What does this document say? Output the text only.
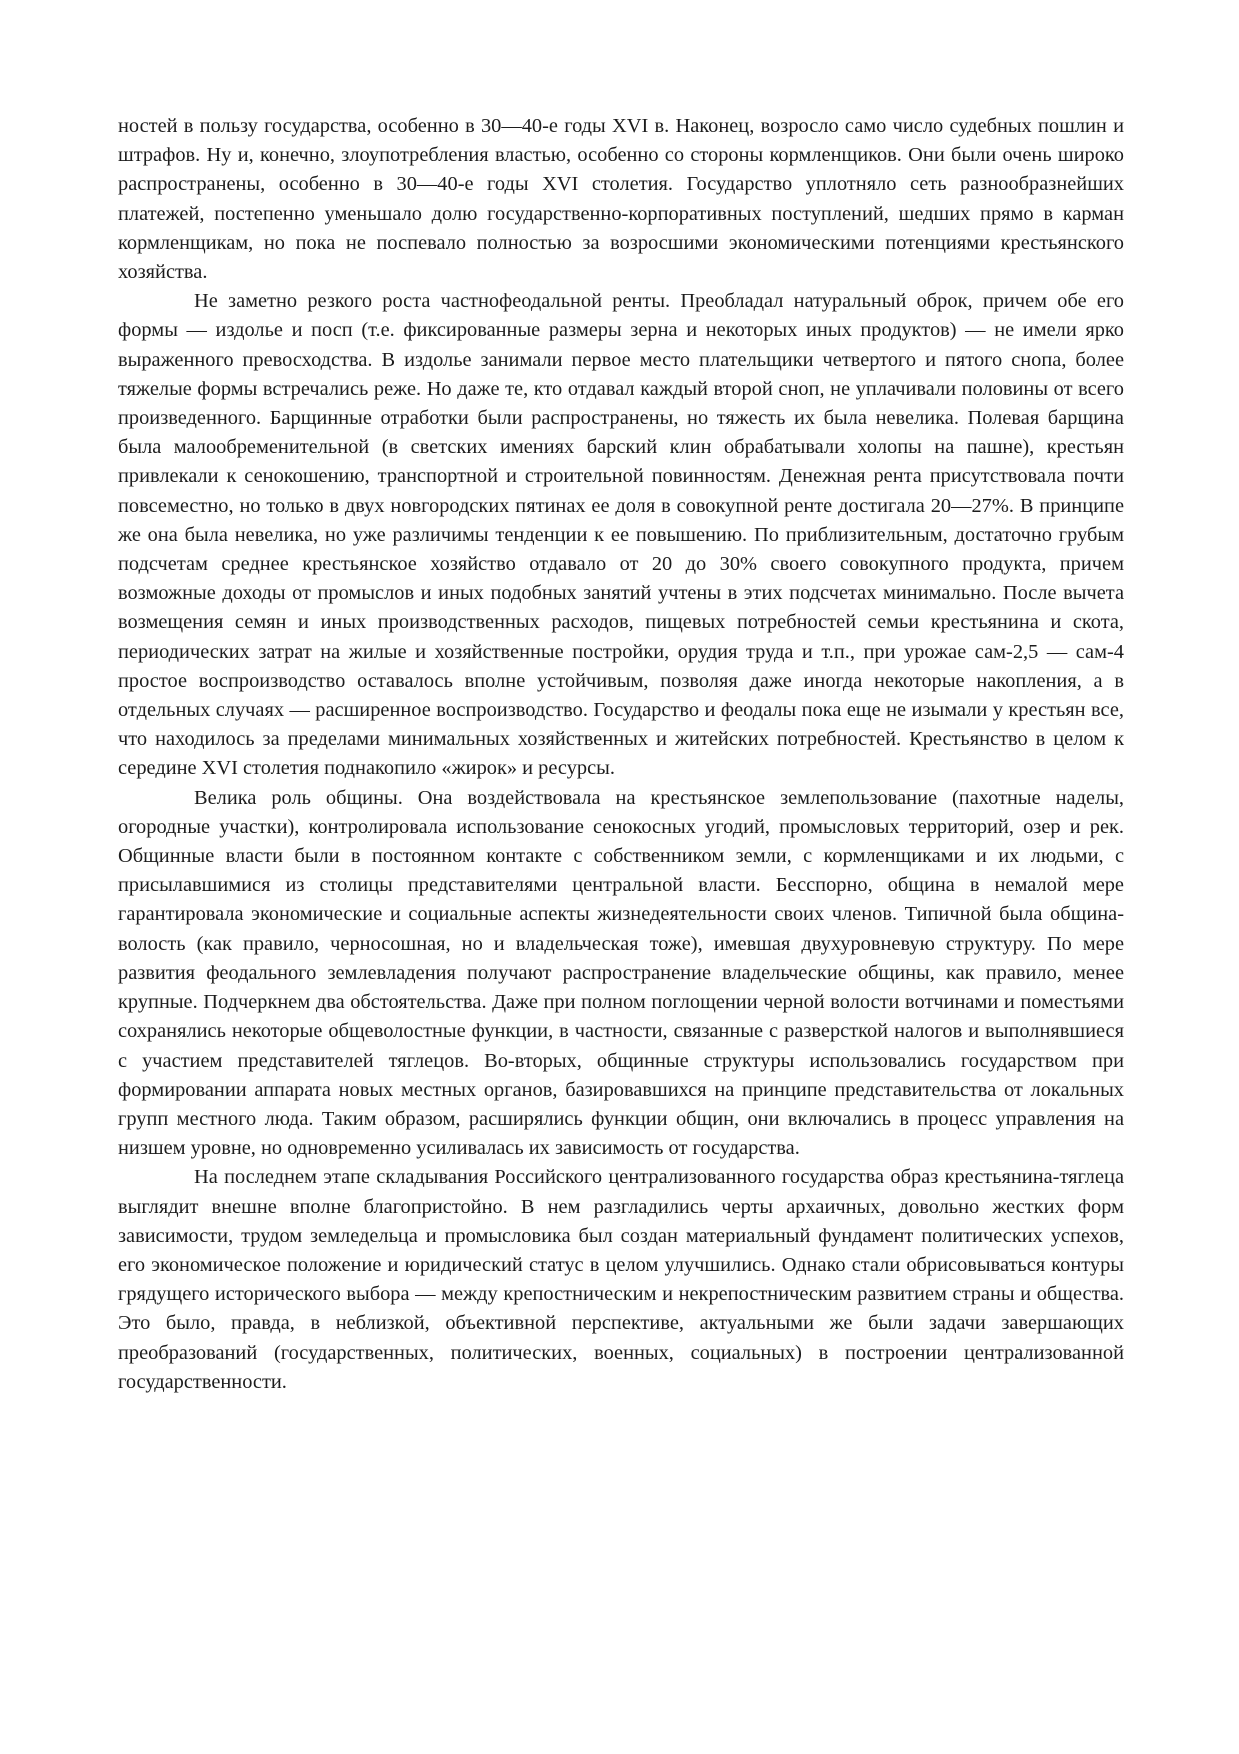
ностей в пользу государства, особенно в 30—40-е годы XVI в. Наконец, возросло само число судебных пошлин и штрафов. Ну и, конечно, злоупотребления властью, особенно со стороны кормленщиков. Они были очень широко распространены, особенно в 30—40-е годы XVI столетия. Государство уплотняло сеть разнообразнейших платежей, постепенно уменьшало долю государственно-корпоративных поступлений, шедших прямо в карман кормленщикам, но пока не поспевало полностью за возросшими экономическими потенциями крестьянского хозяйства.

Не заметно резкого роста частнофеодальной ренты. Преобладал натуральный оброк, причем обе его формы — издолье и посп (т.е. фиксированные размеры зерна и некоторых иных продуктов) — не имели ярко выраженного превосходства. В издолье занимали первое место плательщики четвертого и пятого снопа, более тяжелые формы встречались реже. Но даже те, кто отдавал каждый второй сноп, не уплачивали половины от всего произведенного. Барщинные отработки были распространены, но тяжесть их была невелика. Полевая барщина была малообременительной (в светских имениях барский клин обрабатывали холопы на пашне), крестьян привлекали к сенокошению, транспортной и строительной повинностям. Денежная рента присутствовала почти повсеместно, но только в двух новгородских пятинах ее доля в совокупной ренте достигала 20—27%. В принципе же она была невелика, но уже различимы тенденции к ее повышению. По приблизительным, достаточно грубым подсчетам среднее крестьянское хозяйство отдавало от 20 до 30% своего совокупного продукта, причем возможные доходы от промыслов и иных подобных занятий учтены в этих подсчетах минимально. После вычета возмещения семян и иных производственных расходов, пищевых потребностей семьи крестьянина и скота, периодических затрат на жилые и хозяйственные постройки, орудия труда и т.п., при урожае сам-2,5 — сам-4 простое воспроизводство оставалось вполне устойчивым, позволяя даже иногда некоторые накопления, а в отдельных случаях — расширенное воспроизводство. Государство и феодалы пока еще не изымали у крестьян все, что находилось за пределами минимальных хозяйственных и житейских потребностей. Крестьянство в целом к середине XVI столетия поднакопило «жирок» и ресурсы.

Велика роль общины. Она воздействовала на крестьянское землепользование (пахотные наделы, огородные участки), контролировала использование сенокосных угодий, промысловых территорий, озер и рек. Общинные власти были в постоянном контакте с собственником земли, с кормленщиками и их людьми, с присылавшимися из столицы представителями центральной власти. Бесспорно, община в немалой мере гарантировала экономические и социальные аспекты жизнедеятельности своих членов. Типичной была община-волость (как правило, черносошная, но и владельческая тоже), имевшая двухуровневую структуру. По мере развития феодального землевладения получают распространение владельческие общины, как правило, менее крупные. Подчеркнем два обстоятельства. Даже при полном поглощении черной волости вотчинами и поместьями сохранялись некоторые общеволостные функции, в частности, связанные с разверсткой налогов и выполнявшиеся с участием представителей тяглецов. Во-вторых, общинные структуры использовались государством при формировании аппарата новых местных органов, базировавшихся на принципе представительства от локальных групп местного люда. Таким образом, расширялись функции общин, они включались в процесс управления на низшем уровне, но одновременно усиливалась их зависимость от государства.

На последнем этапе складывания Российского централизованного государства образ крестьянина-тяглеца выглядит внешне вполне благопристойно. В нем разгладились черты архаичных, довольно жестких форм зависимости, трудом земледельца и промысловика был создан материальный фундамент политических успехов, его экономическое положение и юридический статус в целом улучшились. Однако стали обрисовываться контуры грядущего исторического выбора — между крепостническим и некрепостническим развитием страны и общества. Это было, правда, в неблизкой, объективной перспективе, актуальными же были задачи завершающих преобразований (государственных, политических, военных, социальных) в построении централизованной государственности.
